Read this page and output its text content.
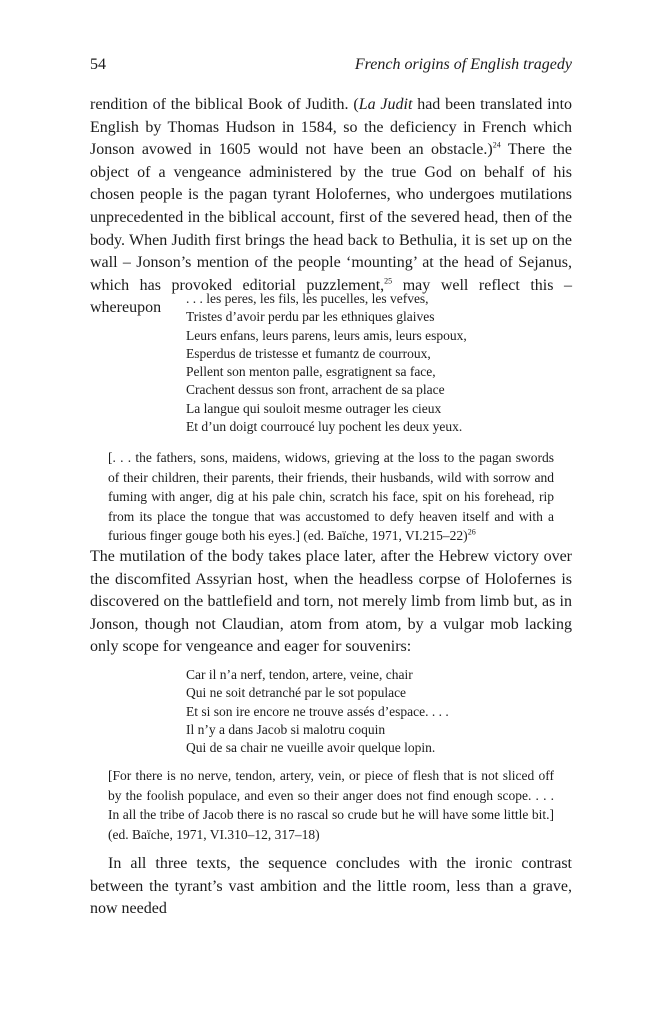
54	French origins of English tragedy
rendition of the biblical Book of Judith. (La Judit had been translated into English by Thomas Hudson in 1584, so the deficiency in French which Jonson avowed in 1605 would not have been an obstacle.)$^{24}$ There the object of a vengeance administered by the true God on behalf of his chosen people is the pagan tyrant Holofernes, who undergoes mutilations unprecedented in the biblical account, first of the severed head, then of the body. When Judith first brings the head back to Bethulia, it is set up on the wall – Jonson’s mention of the people ‘mounting’ at the head of Sejanus, which has provoked editorial puzzlement,$^{25}$ may well reflect this – whereupon
. . . les peres, les fils, les pucelles, les vefves,
Tristes d’avoir perdu par les ethniques glaives
Leurs enfans, leurs parens, leurs amis, leurs espoux,
Esperdus de tristesse et fumantz de courroux,
Pellent son menton palle, esgratignent sa face,
Crachent dessus son front, arrachent de sa place
La langue qui souloit mesme outrager les cieux
Et d’un doigt courroucé luy pochent les deux yeux.
[. . . the fathers, sons, maidens, widows, grieving at the loss to the pagan swords of their children, their parents, their friends, their husbands, wild with sorrow and fuming with anger, dig at his pale chin, scratch his face, spit on his forehead, rip from its place the tongue that was accustomed to defy heaven itself and with a furious finger gouge both his eyes.] (ed. Baïche, 1971, VI.215–22)$^{26}$
The mutilation of the body takes place later, after the Hebrew victory over the discomfited Assyrian host, when the headless corpse of Holofernes is discovered on the battlefield and torn, not merely limb from limb but, as in Jonson, though not Claudian, atom from atom, by a vulgar mob lacking only scope for vengeance and eager for souvenirs:
Car il n’a nerf, tendon, artere, veine, chair
Qui ne soit detranché par le sot populace
Et si son ire encore ne trouve assés d’espace. . . .
Il n’y a dans Jacob si malotru coquin
Qui de sa chair ne vueille avoir quelque lopin.
[For there is no nerve, tendon, artery, vein, or piece of flesh that is not sliced off by the foolish populace, and even so their anger does not find enough scope. . . . In all the tribe of Jacob there is no rascal so crude but he will have some little bit.] (ed. Baïche, 1971, VI.310–12, 317–18)
In all three texts, the sequence concludes with the ironic contrast between the tyrant’s vast ambition and the little room, less than a grave, now needed
